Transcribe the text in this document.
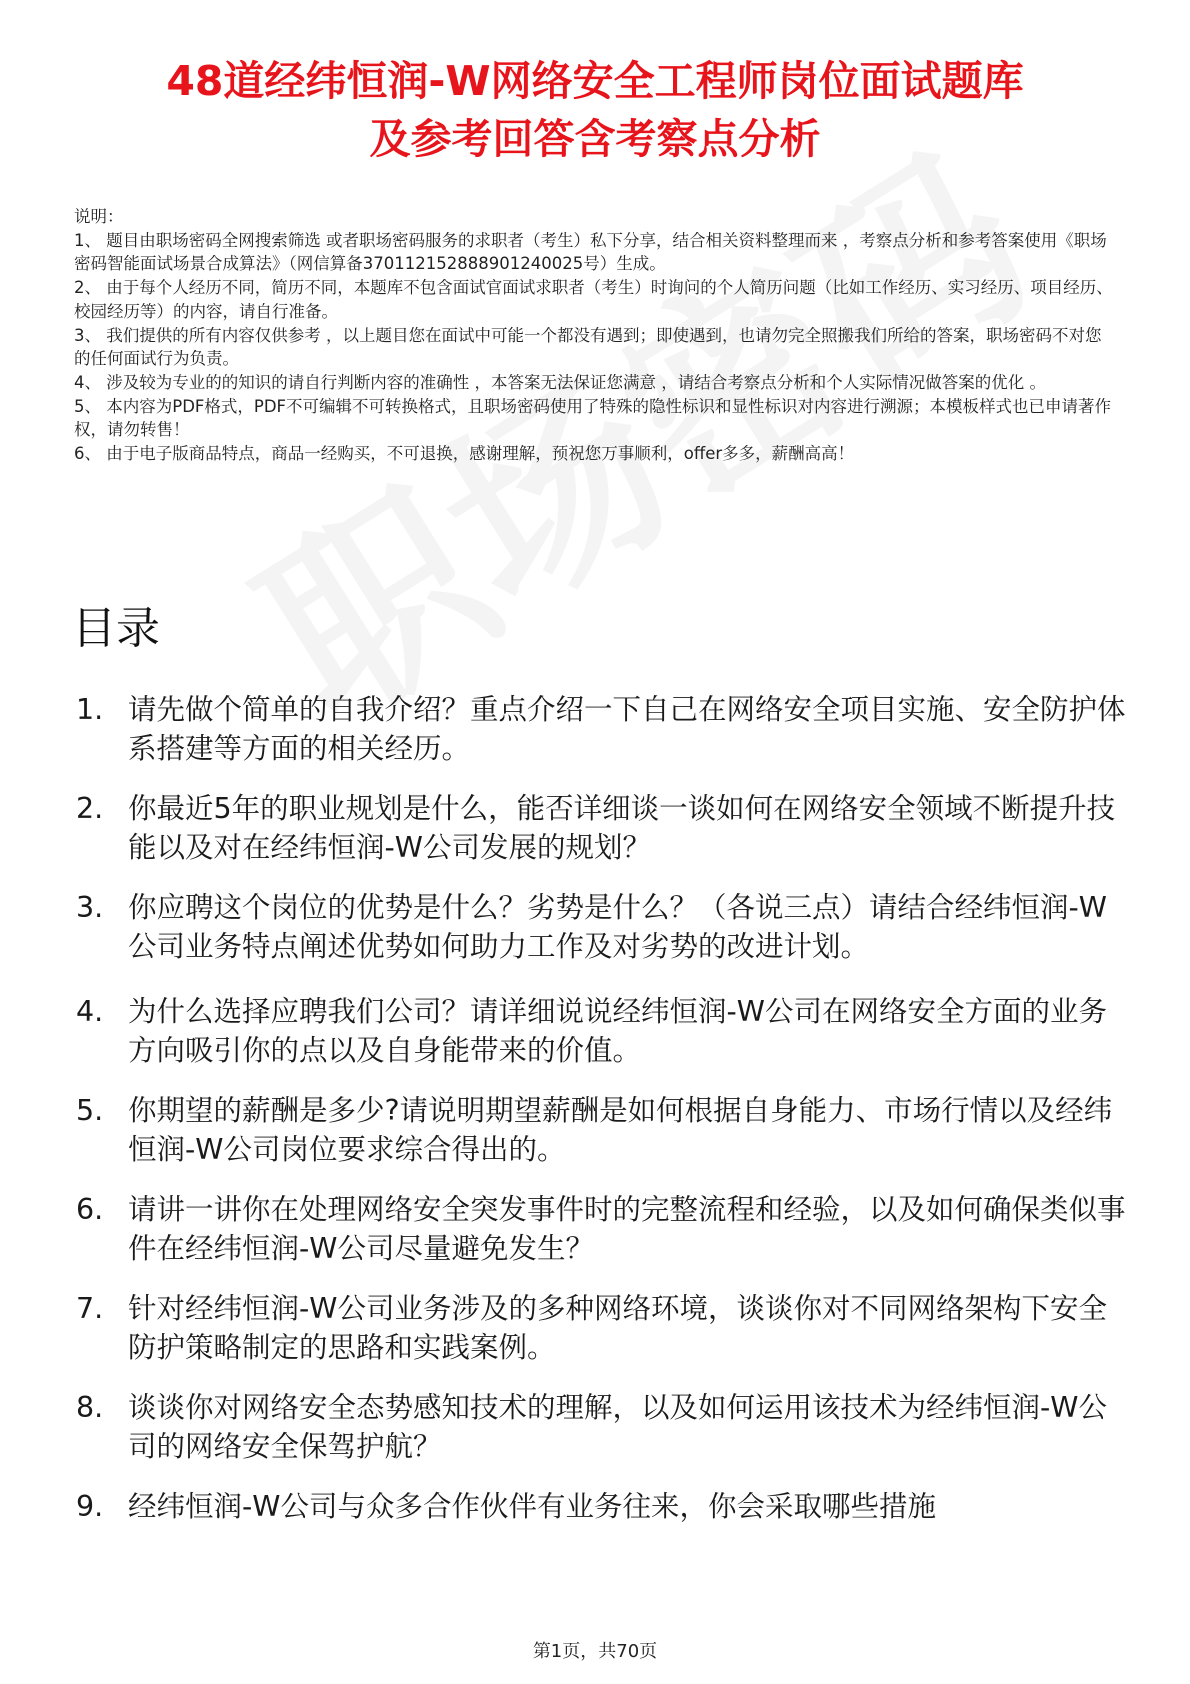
48道经纬恒润-W网络安全工程师岗位面试题库
及参考回答含考察点分析
说明：
1、 题目由职场密码全网搜索筛选 或者职场密码服务的求职者（考生）私下分享，结合相关资料整理而来 ，考察点分析和参考答案使用《职场密码智能面试场景合成算法》（网信算备370112152888901240025号）生成。
2、 由于每个人经历不同，简历不同，本题库不包含面试官面试求职者（考生）时询问的个人简历问题（比如工作经历、实习经历、项目经历、校园经历等）的内容，请自行准备。
3、 我们提供的所有内容仅供参考 ，以上题目您在面试中可能一个都没有遇到；即使遇到，也请勿完全照搬我们所给的答案，职场密码不对您的任何面试行为负责。
4、 涉及较为专业的的知识的请自行判断内容的准确性 ，本答案无法保证您满意 ，请结合考察点分析和个人实际情况做答案的优化 。
5、 本内容为PDF格式，PDF不可编辑不可转换格式，且职场密码使用了特殊的隐性标识和显性标识对内容进行溯源；本模板样式也已申请著作权，请勿转售！
6、 由于电子版商品特点，商品一经购买，不可退换，感谢理解，预祝您万事顺利，offer多多，薪酬高高！
目录
1. 请先做个简单的自我介绍？重点介绍一下自己在网络安全项目实施、安全防护体系搭建等方面的相关经历。
2. 你最近5年的职业规划是什么，能否详细谈一谈如何在网络安全领域不断提升技能以及对在经纬恒润-W公司发展的规划？
3. 你应聘这个岗位的优势是什么？劣势是什么？（各说三点）请结合经纬恒润-W公司业务特点阐述优势如何助力工作及对劣势的改进计划。
4. 为什么选择应聘我们公司？请详细说说经纬恒润-W公司在网络安全方面的业务方向吸引你的点以及自身能带来的价值。
5. 你期望的薪酬是多少?请说明期望薪酬是如何根据自身能力、市场行情以及经纬恒润-W公司岗位要求综合得出的。
6. 请讲一讲你在处理网络安全突发事件时的完整流程和经验，以及如何确保类似事件在经纬恒润-W公司尽量避免发生？
7. 针对经纬恒润-W公司业务涉及的多种网络环境，谈谈你对不同网络架构下安全防护策略制定的思路和实践案例。
8. 谈谈你对网络安全态势感知技术的理解，以及如何运用该技术为经纬恒润-W公司的网络安全保驾护航？
9. 经纬恒润-W公司与众多合作伙伴有业务往来，你会采取哪些措施
第1页，共70页
